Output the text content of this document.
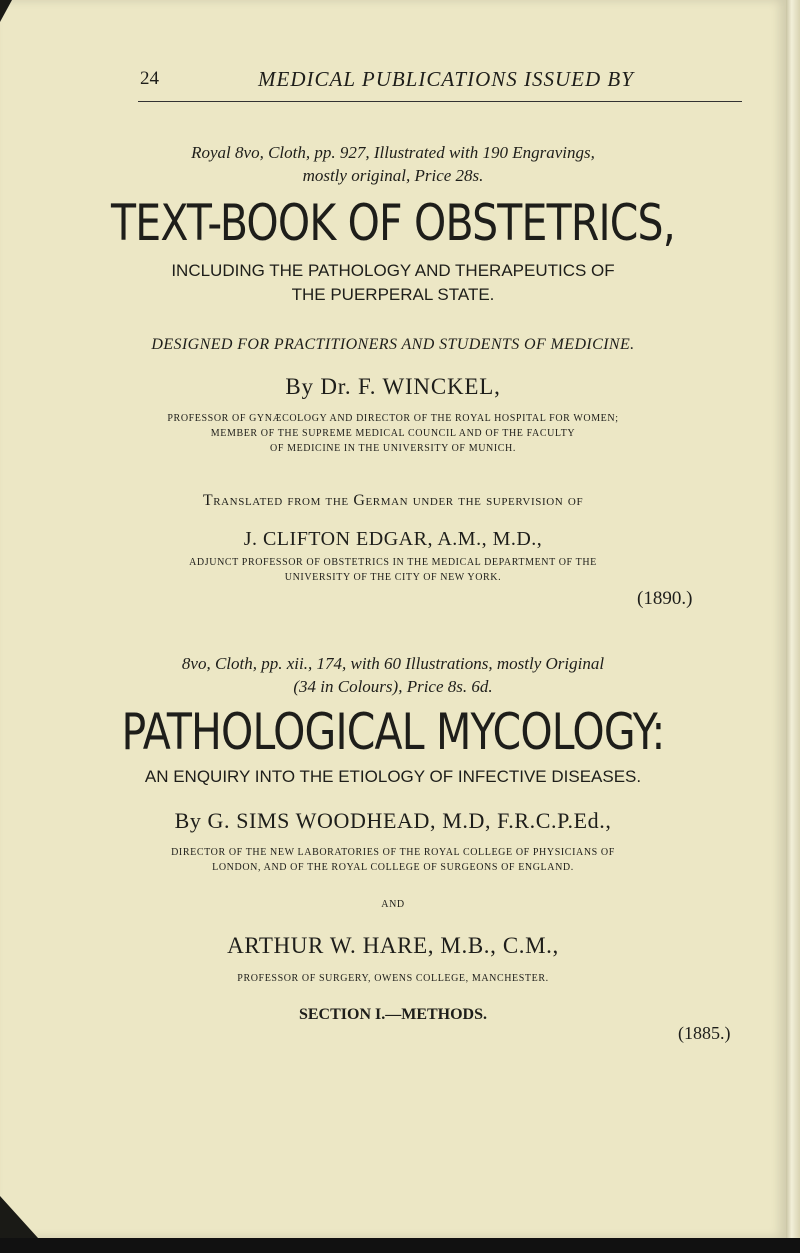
24	MEDICAL PUBLICATIONS ISSUED BY
Royal 8vo, Cloth, pp. 927, Illustrated with 190 Engravings,
mostly original, Price 28s.
TEXT-BOOK OF OBSTETRICS,
INCLUDING THE PATHOLOGY AND THERAPEUTICS OF
THE PUERPERAL STATE.
DESIGNED FOR PRACTITIONERS AND STUDENTS OF MEDICINE.
By Dr. F. WINCKEL,
PROFESSOR OF GYNÆCOLOGY AND DIRECTOR OF THE ROYAL HOSPITAL FOR WOMEN;
MEMBER OF THE SUPREME MEDICAL COUNCIL AND OF THE FACULTY
OF MEDICINE IN THE UNIVERSITY OF MUNICH.
Translated from the German under the supervision of
J. CLIFTON EDGAR, A.M., M.D.,
ADJUNCT PROFESSOR OF OBSTETRICS IN THE MEDICAL DEPARTMENT OF THE
UNIVERSITY OF THE CITY OF NEW YORK.
(1890.)
8vo, Cloth, pp. xii., 174, with 60 Illustrations, mostly Original
(34 in Colours), Price 8s. 6d.
PATHOLOGICAL MYCOLOGY:
AN ENQUIRY INTO THE ETIOLOGY OF INFECTIVE DISEASES.
By G. SIMS WOODHEAD, M.D, F.R.C.P.Ed.,
DIRECTOR OF THE NEW LABORATORIES OF THE ROYAL COLLEGE OF PHYSICIANS OF
LONDON, AND OF THE ROYAL COLLEGE OF SURGEONS OF ENGLAND.
AND
ARTHUR W. HARE, M.B., C.M.,
PROFESSOR OF SURGERY, OWENS COLLEGE, MANCHESTER.
SECTION I.—METHODS.
(1885.)
